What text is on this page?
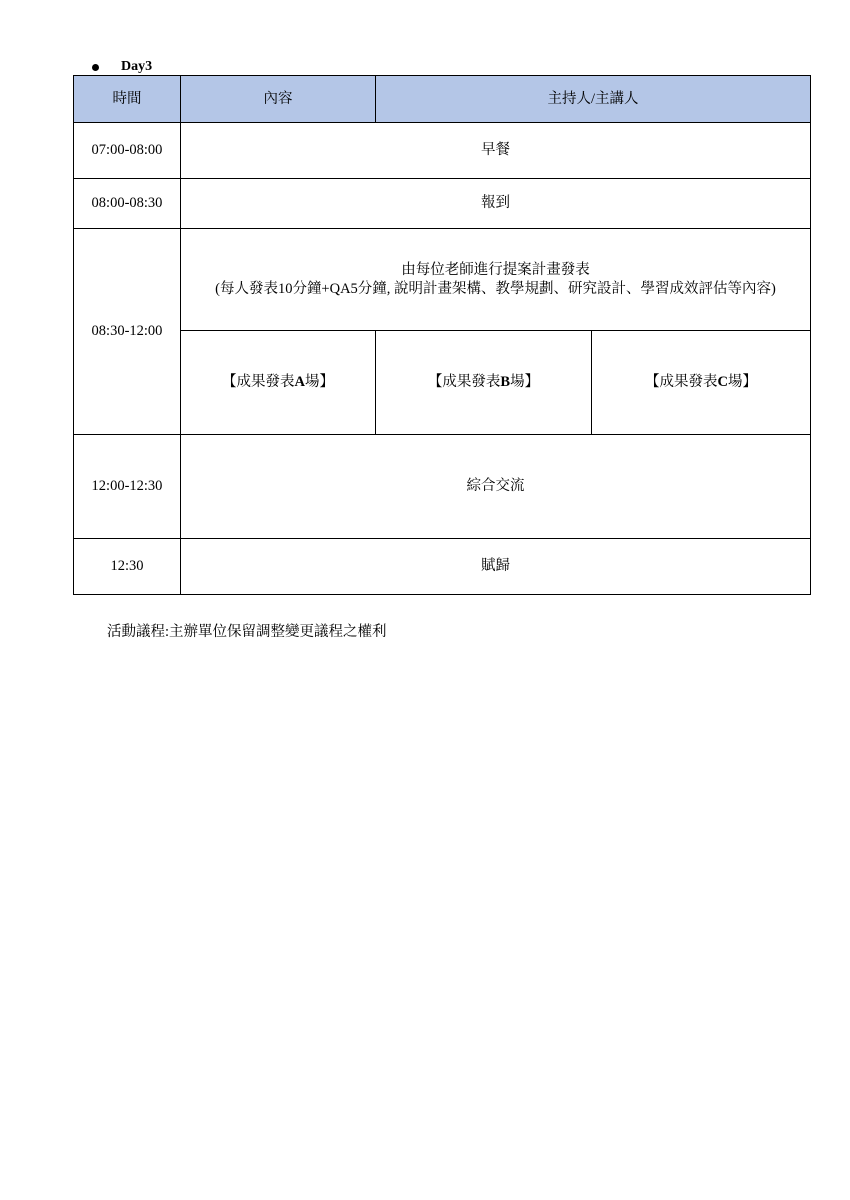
Day3
時間	內容	主持人/主講人	
07:00-08:00	早餐		
08:00-08:30	報到		
08:30-12:00	由每位老師進行提案計畫發表
(每人發表10分鐘+QA5分鐘, 說明計畫架構、教學規劃、研究設計、學習成效評估等內容)		

	【成果發表A場】	【成果發表B場】	【成果發表C場】
12:00-12:30	綜合交流		
12:30	賦歸		
活動議程:主辦單位保留調整變更議程之權利
